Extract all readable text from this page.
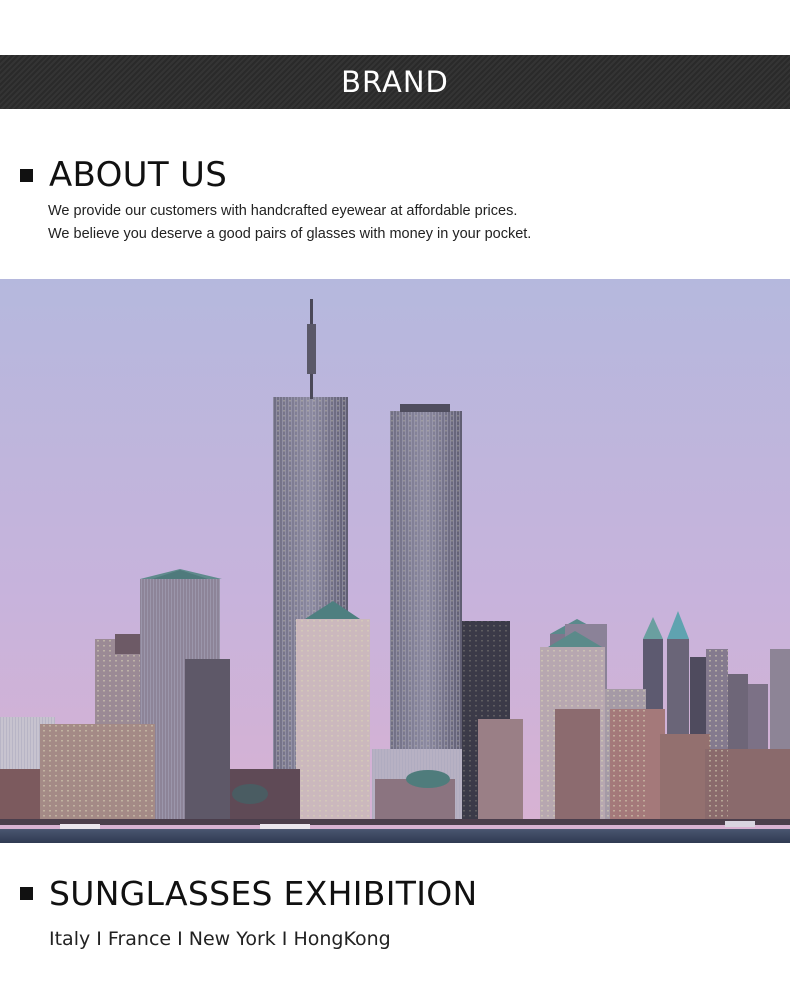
BRAND
ABOUT US
We provide our customers with handcrafted eyewear at affordable prices.
We believe you deserve a good pairs of glasses with money in your pocket.
SUNGLASSES EXHIBITION
Italy I France I New York I HongKong
